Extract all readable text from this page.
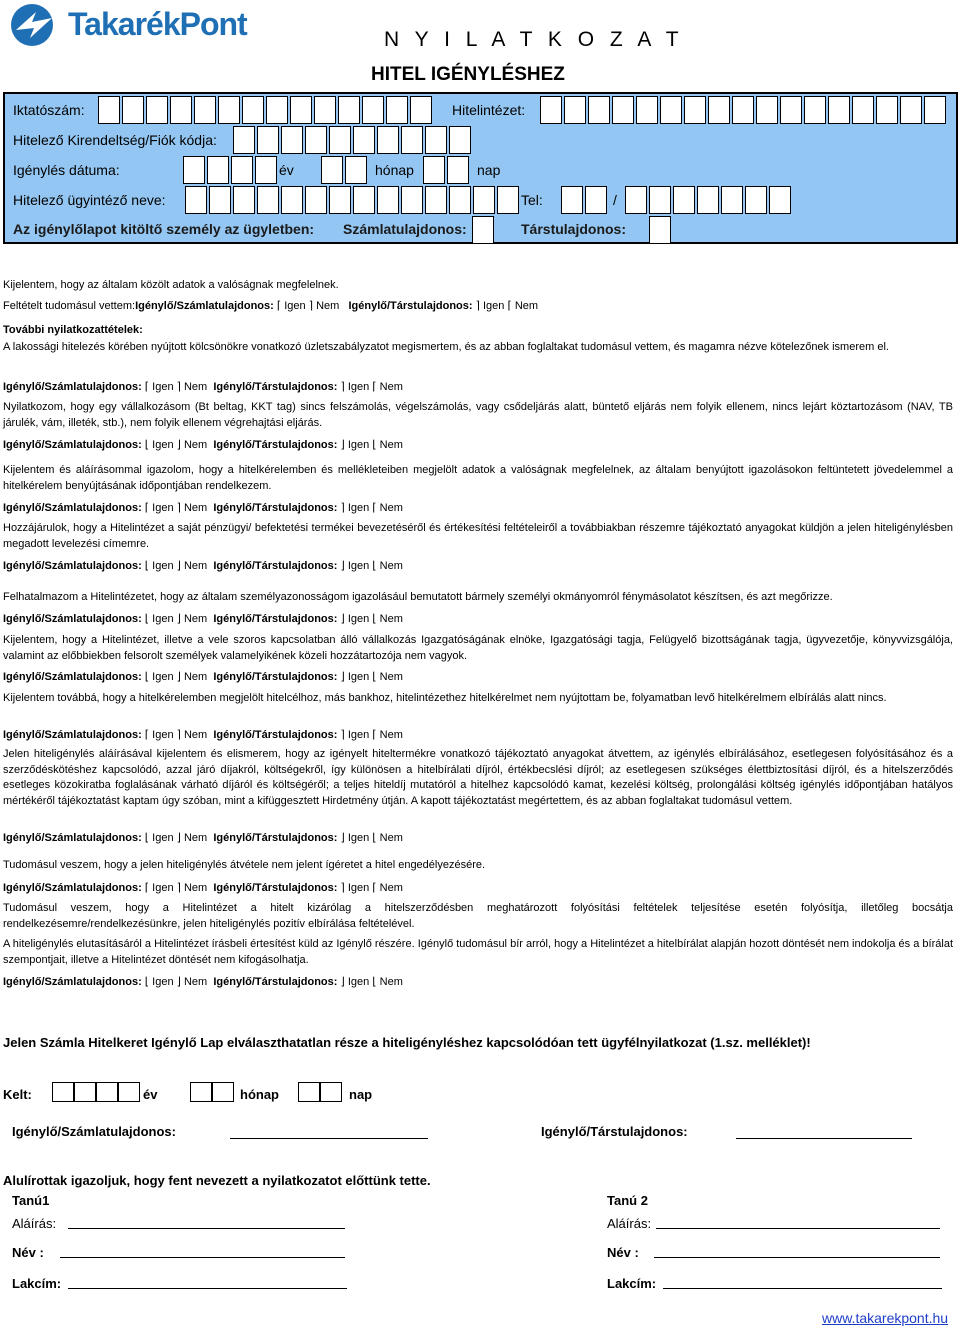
TakarékPont	N Y I L A T K O Z A T
HITEL IGÉNYLÉSHEZ
Iktatószám:	Hitelintézet:
Hitelező Kirendeltség/Fiók kódja:
Igénylés dátuma:	év	hónap	nap
Hitelező ügyintéző neve:	Tel:	/
Az igénylőlapot kitöltő személy az ügyletben: Számlatulajdonos:	Társtulajdonos:
Kijelentem, hogy az általam közölt adatok a valóságnak megfelelnek.
Feltételt tudomásul vettem:Igénylő/Számlatulajdonos: ⌈ Igen ⌉ Nem Igénylő/Társtulajdonos: ⌉ Igen ⌈ Nem
További nyilatkozattételek:
A lakossági hitelezés körében nyújtott kölcsönökre vonatkozó üzletszabályzatot megismertem, és az abban foglaltakat tudomásul vettem, és magamra nézve kötelezőnek ismerem el.
Igénylő/Számlatulajdonos: ⌈ Igen ⌉ Nem Igénylő/Társtulajdonos: ⌉ Igen ⌈ Nem
Nyilatkozom, hogy egy vállalkozásom (Bt beltag, KKT tag) sincs felszámolás, végelszámolás, vagy csődeljárás alatt, büntető eljárás nem folyik ellenem, nincs lejárt köztartozásom (NAV, TB járulék, vám, illeték, stb.), nem folyik ellenem végrehajtási eljárás.
Igénylő/Számlatulajdonos: ⌊ Igen ⌋ Nem Igénylő/Társtulajdonos: ⌋ Igen ⌊ Nem
Kijelentem és aláírásommal igazolom, hogy a hitelkérelemben és mellékleteiben megjelölt adatok a valóságnak megfelelnek, az általam benyújtott igazolásokon feltüntetett jövedelemmel a hitelkérelem benyújtásának időpontjában rendelkezem.
Igénylő/Számlatulajdonos: ⌈ Igen ⌉ Nem Igénylő/Társtulajdonos: ⌉ Igen ⌈ Nem
Hozzájárulok, hogy a Hitelintézet a saját pénzügyi/ befektetési termékei bevezetéséről és értékesítési feltételeiről a továbbiakban részemre tájékoztató anyagokat küldjön a jelen hiteligénylésben megadott levelezési címemre.
Igénylő/Számlatulajdonos: ⌊ Igen ⌋ Nem Igénylő/Társtulajdonos: ⌋ Igen ⌊ Nem
Felhatalmazom a Hitelintézetet, hogy az általam személyazonosságom igazolásául bemutatott bármely személyi okmányomról fénymásolatot készítsen, és azt megőrizze.
Igénylő/Számlatulajdonos: ⌊ Igen ⌋ Nem Igénylő/Társtulajdonos: ⌋ Igen ⌊ Nem
Kijelentem, hogy a Hitelintézet, illetve a vele szoros kapcsolatban álló vállalkozás Igazgatóságának elnöke, Igazgatósági tagja, Felügyelő bizottságának tagja, ügyvezetője, könyvvizsgálója, valamint az előbbiekben felsorolt személyek valamelyikének közeli hozzátartozója nem vagyok.
Igénylő/Számlatulajdonos: ⌊ Igen ⌋ Nem Igénylő/Társtulajdonos: ⌋ Igen ⌊ Nem
Kijelentem továbbá, hogy a hitelkérelemben megjelölt hitelcélhoz, más bankhoz, hitelintézethez hitelkérelmet nem nyújtottam be, folyamatban levő hitelkérelmem elbírálás alatt nincs.
Igénylő/Számlatulajdonos: ⌈ Igen ⌉ Nem Igénylő/Társtulajdonos: ⌉ Igen ⌈ Nem
Jelen hiteligénylés aláírásával kijelentem és elismerem, hogy az igényelt hiteltermékre vonatkozó tájékoztató anyagokat átvettem, az igénylés elbírálásához, esetlegesen folyósításához és a szerződéskötéshez kapcsolódó, azzal járó díjakról, költségekről, így különösen a hitelbírálati díjról, értékbecslési díjról; az esetlegesen szükséges élettbiztosítási díjról, és a hitelszerződés esetleges közokiratba foglalásának várható díjáról és költségéről; a teljes hiteldíj mutatóról a hitelhez kapcsolódó kamat, kezelési költség, prolongálási költség igénylés időpontjában hatályos mértékéről tájékoztatást kaptam úgy szóban, mint a kifüggesztett Hirdetmény útján. A kapott tájékoztatást megértettem, és az abban foglaltakat tudomásul vettem.
Igénylő/Számlatulajdonos: ⌊ Igen ⌋ Nem Igénylő/Társtulajdonos: ⌋ Igen ⌊ Nem
Tudomásul veszem, hogy a jelen hiteligénylés átvétele nem jelent ígéretet a hitel engedélyezésére.
Igénylő/Számlatulajdonos: ⌈ Igen ⌉ Nem Igénylő/Társtulajdonos: ⌉ Igen ⌈ Nem
Tudomásul veszem, hogy a Hitelintézet a hitelt kizárólag a hitelszerződésben meghatározott folyósítási feltételek teljesítése esetén folyósítja, illetőleg bocsátja rendelkezésemre/rendelkezésünkre, jelen hiteligénylés pozitív elbírálása feltételével.
A hiteligénylés elutasításáról a Hitelintézet írásbeli értesítést küld az Igénylő részére. Igénylő tudomásul bír arról, hogy a Hitelintézet a hitelbírálat alapján hozott döntését nem indokolja és a bírálat szempontjait, illetve a Hitelintézet döntését nem kifogásolhatja.
Igénylő/Számlatulajdonos: ⌊ Igen ⌋ Nem Igénylő/Társtulajdonos: ⌋ Igen ⌊ Nem
Jelen Számla Hitelkeret Igénylő Lap elválaszthatatlan része a hiteligényléshez kapcsolódóan tett ügyfélnyilatkozat (1.sz. melléklet)!
Kelt:	év	hónap	nap
Igénylő/Számlatulajdonos:	Igénylő/Társtulajdonos:
Alulírottak igazoljuk, hogy fent nevezett a nyilatkozatot előttünk tette.
Tanú1	Tanú 2
Aláírás:	Aláírás:
Név :	Név :
Lakcím:	Lakcím:
www.takarekpont.hu
